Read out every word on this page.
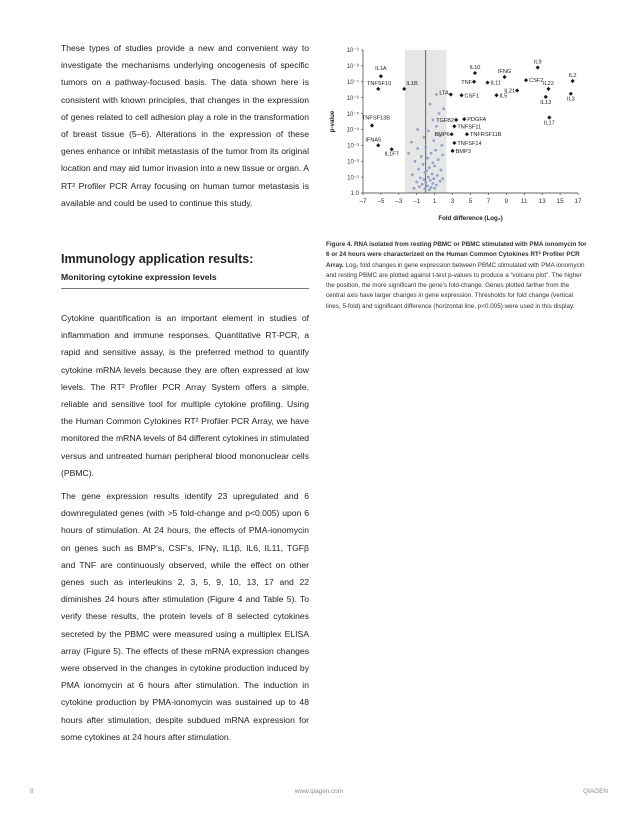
These types of studies provide a new and convenient way to investigate the mechanisms underlying oncogenesis of specific tumors on a pathway-focused basis. The data shown here is consistent with known principles, that changes in the expression of genes related to cell adhesion play a role in the transformation of breast tissue (5–6). Alterations in the expression of these genes enhance or inhibit metastasis of the tumor from its original location and may aid tumor invasion into a new tissue or organ. A RT² Profiler PCR Array focusing on human tumor metastasis is available and could be used to continue this study.

Immunology application results:
Monitoring cytokine expression levels

Cytokine quantification is an important element in studies of inflammation and immune responses. Quantitative RT-PCR, a rapid and sensitive assay, is the preferred method to quantify cytokine mRNA levels because they are often expressed at low levels. The RT² Profiler PCR Array System offers a simple, reliable and sensitive tool for multiple cytokine profiling. Using the Human Common Cytokines RT² Profiler PCR Array, we have monitored the mRNA levels of 84 different cytokines in stimulated versus and untreated human peripheral blood mononuclear cells (PBMC).

The gene expression results identify 23 upregulated and 6 downregulated genes (with >5 fold-change and p<0.005) upon 6 hours of stimulation. At 24 hours, the effects of PMA-ionomycin on genes such as BMP’s, CSF’s, IFNγ, IL1β, IL6, IL11, TGFβ and TNF are continuously observed, while the effect on other genes such as interleukins 2, 3, 5, 9, 10, 13, 17 and 22 diminishes 24 hours after stimulation (Figure 4 and Table 5). To verify these results, the protein levels of 8 selected cytokines secreted by the PBMC were measured using a multiplex ELISA array (Figure 5). The effects of these mRNA expression changes were observed in the changes in cytokine production induced by PMA ionomycin at 6 hours after stimulation. The induction in cytokine production by PMA-ionomycin was sustained up to 48 hours after stimulation, despite subdued mRNA expression for some cytokines at 24 hours after stimulation.

1.0
10⁻¹
10⁻²
10⁻³
10⁻⁴
10⁻⁵
10⁻⁶
10⁻⁷
10⁻⁸
10⁻⁹
–7 –5 –3 –1 1 3 5 7 9 11 13 15 17
Fold difference (Log₂)
p-value
IL1A
TNFSF10	IL1B
TNFSF13B
IFNA5
IL1F7
IL10
IFNG
IL9
CSF2
IL2
TNF	IL11	IL22
IL21
LTA	CSF1	IL5
IL13
IL3
TGFB2 PDGFA
TNFSF11
BMP6	TNFRSF11B
TNFSF14
BMP3
IL17

Figure 4. RNA isolated from resting PBMC or PBMC stimulated with PMA ionomycin for 6 or 24 hours were characterized on the Human Common Cytokines RT² Profiler PCR Array. Log₂ fold changes in gene expression between PBMC stimulated with PMA ionomycin and resting PBMC are plotted against t-test p-values to produce a “volcano plot”. The higher the position, the more significant the gene’s fold-change. Genes plotted farther from the central axis have larger changes in gene expression. Thresholds for fold change (vertical lines, 5-fold) and significant difference (horizontal line, p<0.005) were used in this display.

8	www.qiagen.com	QIAGEN
